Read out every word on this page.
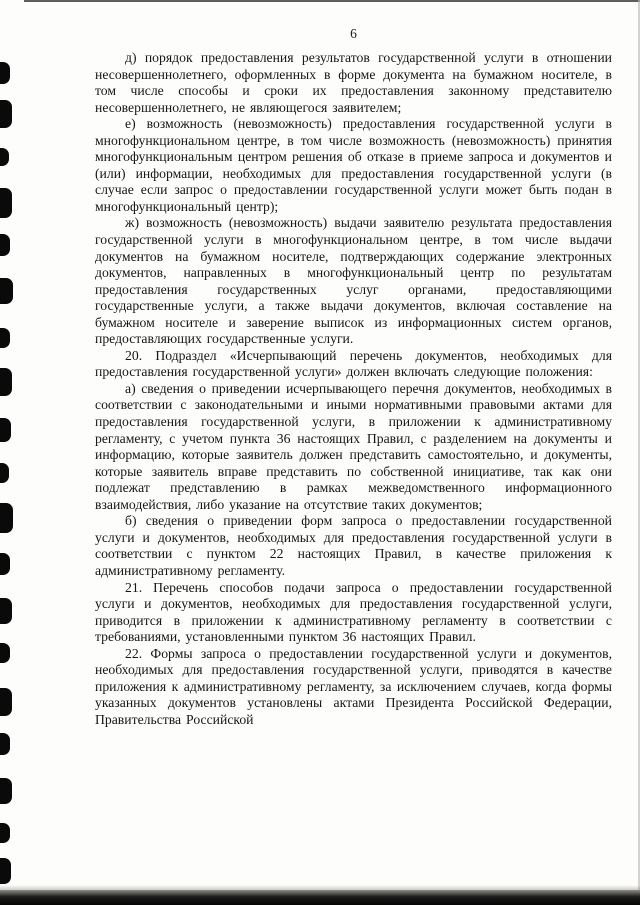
6

д) порядок предоставления результатов государственной услуги в отношении несовершеннолетнего, оформленных в форме документа на бумажном носителе, в том числе способы и сроки их предоставления законному представителю несовершеннолетнего, не являющегося заявителем;

е) возможность (невозможность) предоставления государственной услуги в многофункциональном центре, в том числе возможность (невозможность) принятия многофункциональным центром решения об отказе в приеме запроса и документов и (или) информации, необходимых для предоставления государственной услуги (в случае если запрос о предоставлении государственной услуги может быть подан в многофункциональный центр);

ж) возможность (невозможность) выдачи заявителю результата предоставления государственной услуги в многофункциональном центре, в том числе выдачи документов на бумажном носителе, подтверждающих содержание электронных документов, направленных в многофункциональный центр по результатам предоставления государственных услуг органами, предоставляющими государственные услуги, а также выдачи документов, включая составление на бумажном носителе и заверение выписок из информационных систем органов, предоставляющих государственные услуги.

20. Подраздел «Исчерпывающий перечень документов, необходимых для предоставления государственной услуги» должен включать следующие положения:

а) сведения о приведении исчерпывающего перечня документов, необходимых в соответствии с законодательными и иными нормативными правовыми актами для предоставления государственной услуги, в приложении к административному регламенту, с учетом пункта 36 настоящих Правил, с разделением на документы и информацию, которые заявитель должен представить самостоятельно, и документы, которые заявитель вправе представить по собственной инициативе, так как они подлежат представлению в рамках межведомственного информационного взаимодействия, либо указание на отсутствие таких документов;

б) сведения о приведении форм запроса о предоставлении государственной услуги и документов, необходимых для предоставления государственной услуги в соответствии с пунктом 22 настоящих Правил, в качестве приложения к административному регламенту.

21. Перечень способов подачи запроса о предоставлении государственной услуги и документов, необходимых для предоставления государственной услуги, приводится в приложении к административному регламенту в соответствии с требованиями, установленными пунктом 36 настоящих Правил.

22. Формы запроса о предоставлении государственной услуги и документов, необходимых для предоставления государственной услуги, приводятся в качестве приложения к административному регламенту, за исключением случаев, когда формы указанных документов установлены актами Президента Российской Федерации, Правительства Российской
